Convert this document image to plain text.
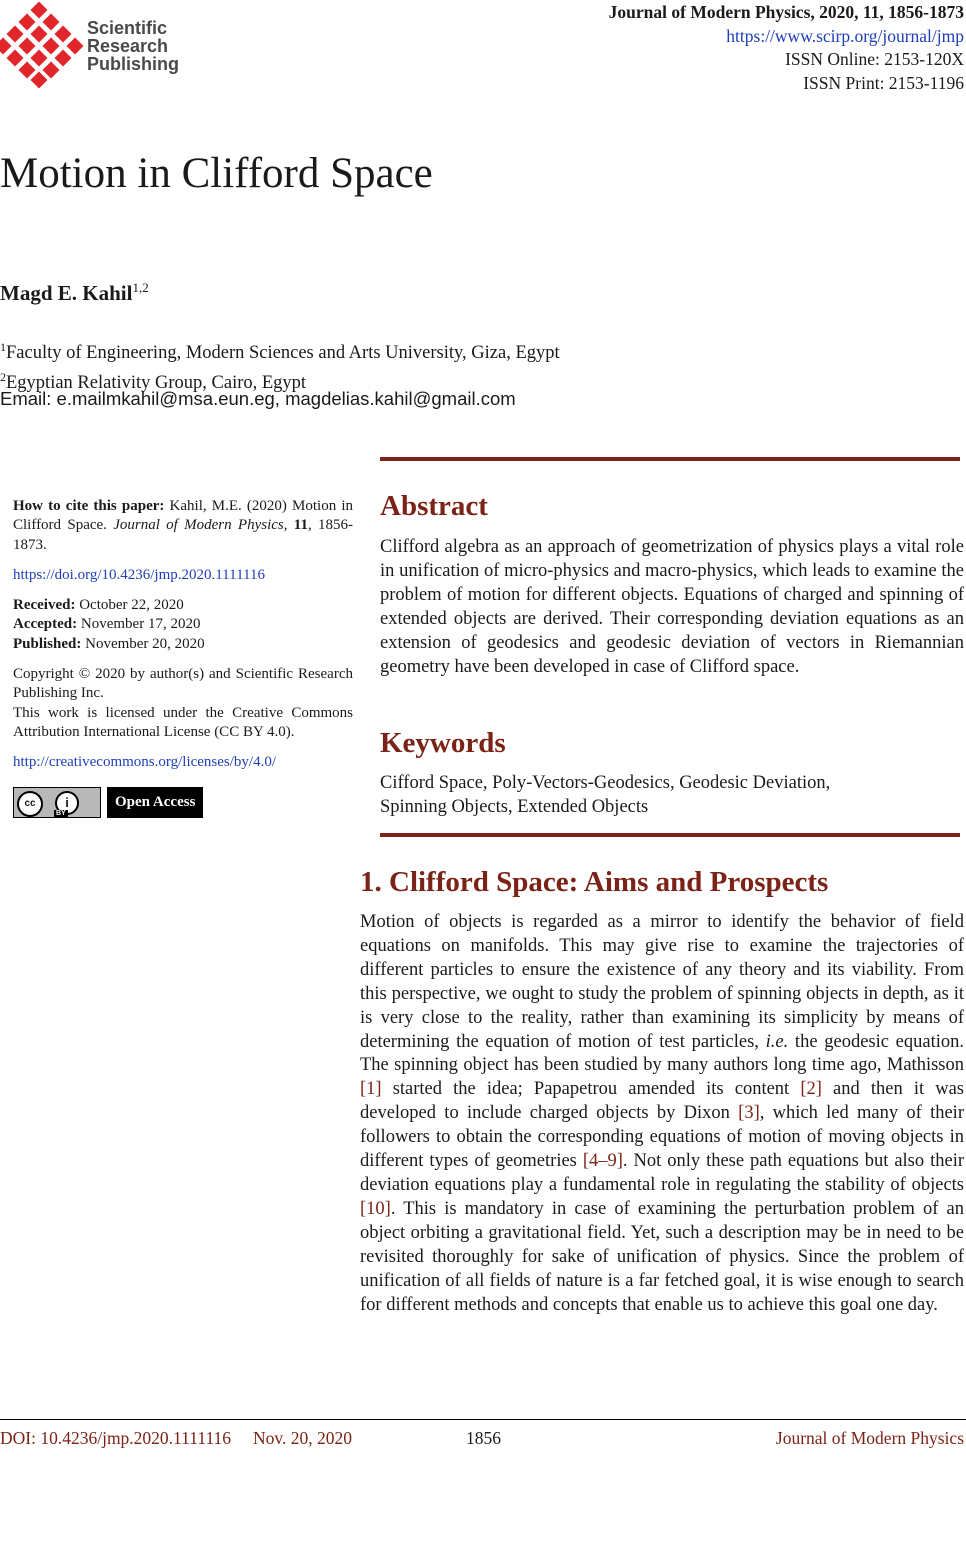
Scientific
Research
Publishing
Journal of Modern Physics, 2020, 11, 1856-1873
https://www.scirp.org/journal/jmp
ISSN Online: 2153-120X
ISSN Print: 2153-1196
Motion in Clifford Space
Magd E. Kahil$^{1,2}$
$^1$Faculty of Engineering, Modern Sciences and Arts University, Giza, Egypt
$^2$Egyptian Relativity Group, Cairo, Egypt
Email: e.mailmkahil@msa.eun.eg, magdelias.kahil@gmail.com

How to cite this paper: Kahil, M.E. (2020) Motion in Clifford Space. Journal of Modern Physics, 11, 1856-1873.

https://doi.org/10.4236/jmp.2020.1111116

Received: October 22, 2020

Accepted: November 17, 2020

Published: November 20, 2020

Copyright © 2020 by author(s) and Scientific Research Publishing Inc.

This work is licensed under the Creative Commons Attribution International License (CC BY 4.0).

http://creativecommons.org/licenses/by/4.0/

cc	i
BY
Open Access
Abstract

Clifford algebra as an approach of geometrization of physics plays a vital role in unification of micro-physics and macro-physics, which leads to examine the problem of motion for different objects. Equations of charged and spinning of extended objects are derived. Their corresponding deviation equations as an extension of geodesics and geodesic deviation of vectors in Riemannian geometry have been developed in case of Clifford space.

Keywords
Cifford Space, Poly-Vectors-Geodesics, Geodesic Deviation,
Spinning Objects, Extended Objects
1. Clifford Space: Aims and Prospects

Motion of objects is regarded as a mirror to identify the behavior of field equations on manifolds. This may give rise to examine the trajectories of different particles to ensure the existence of any theory and its viability. From this perspective, we ought to study the problem of spinning objects in depth, as it is very close to the reality, rather than examining its simplicity by means of determining the equation of motion of test particles, i.e. the geodesic equation. The spinning object has been studied by many authors long time ago, Mathisson [1] started the idea; Papapetrou amended its content [2] and then it was developed to include charged objects by Dixon [3], which led many of their followers to obtain the corresponding equations of motion of moving objects in different types of geometries [4–9]. Not only these path equations but also their deviation equations play a fundamental role in regulating the stability of objects [10]. This is mandatory in case of examining the perturbation problem of an object orbiting a gravitational field. Yet, such a description may be in need to be revisited thoroughly for sake of unification of physics. Since the problem of unification of all fields of nature is a far fetched goal, it is wise enough to search for different methods and concepts that enable us to achieve this goal one day.

DOI: 10.4236/jmp.2020.1111116 Nov. 20, 2020	1856	Journal of Modern Physics
